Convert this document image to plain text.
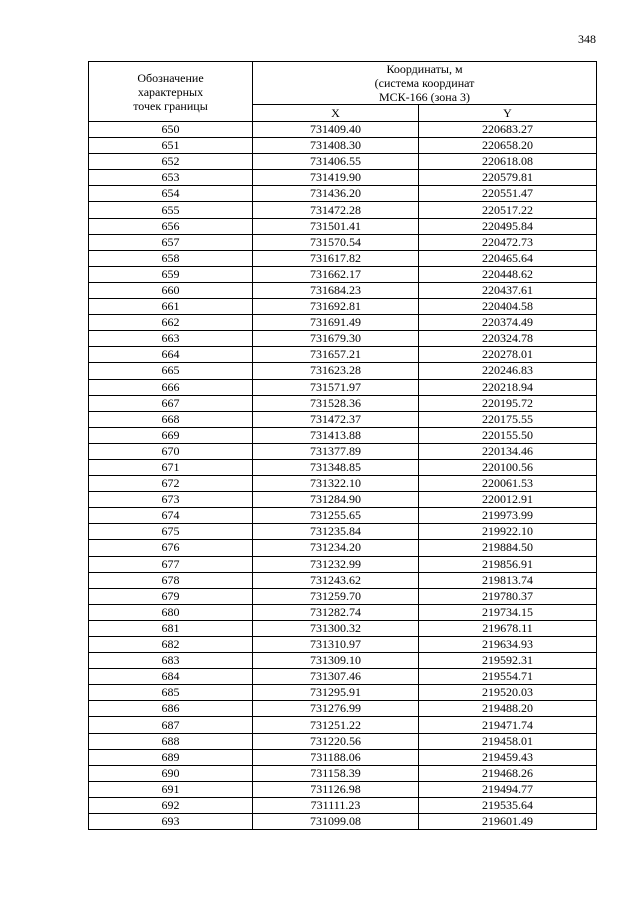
348
Обозначение
характерных
точек границы	Координаты, м
(система координат
МСК-166 (зона 3)	

	X	Y
650	731409.40	220683.27
651	731408.30	220658.20
652	731406.55	220618.08
653	731419.90	220579.81
654	731436.20	220551.47
655	731472.28	220517.22
656	731501.41	220495.84
657	731570.54	220472.73
658	731617.82	220465.64
659	731662.17	220448.62
660	731684.23	220437.61
661	731692.81	220404.58
662	731691.49	220374.49
663	731679.30	220324.78
664	731657.21	220278.01
665	731623.28	220246.83
666	731571.97	220218.94
667	731528.36	220195.72
668	731472.37	220175.55
669	731413.88	220155.50
670	731377.89	220134.46
671	731348.85	220100.56
672	731322.10	220061.53
673	731284.90	220012.91
674	731255.65	219973.99
675	731235.84	219922.10
676	731234.20	219884.50
677	731232.99	219856.91
678	731243.62	219813.74
679	731259.70	219780.37
680	731282.74	219734.15
681	731300.32	219678.11
682	731310.97	219634.93
683	731309.10	219592.31
684	731307.46	219554.71
685	731295.91	219520.03
686	731276.99	219488.20
687	731251.22	219471.74
688	731220.56	219458.01
689	731188.06	219459.43
690	731158.39	219468.26
691	731126.98	219494.77
692	731111.23	219535.64
693	731099.08	219601.49
